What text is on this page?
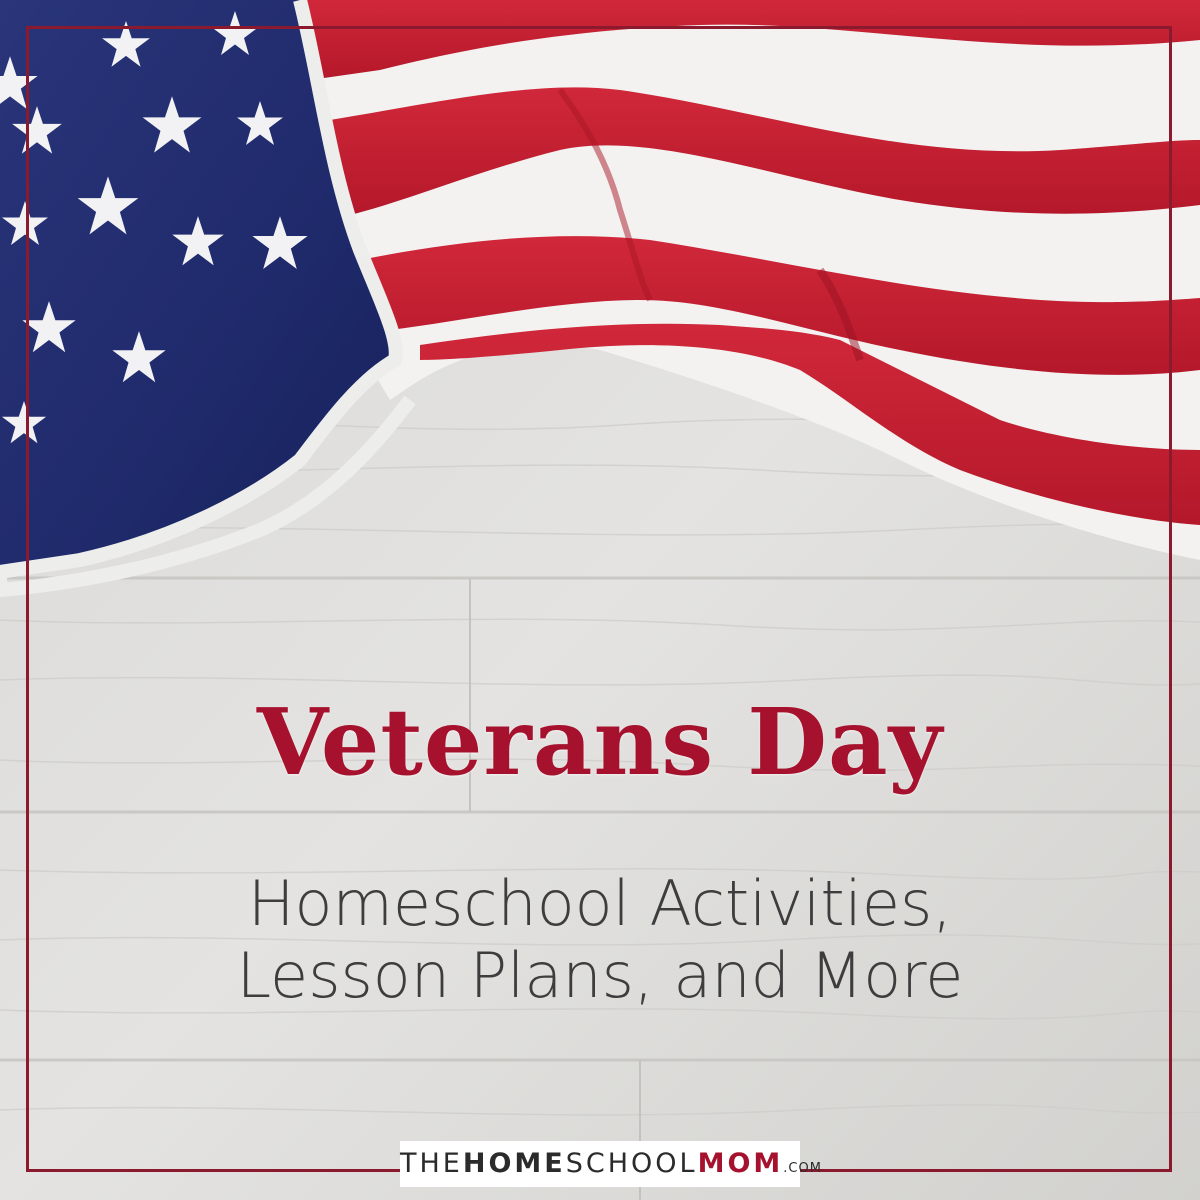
Veterans Day
Homeschool Activities,
Lesson Plans, and More
THEHOMESCHOOLMOM.COM
